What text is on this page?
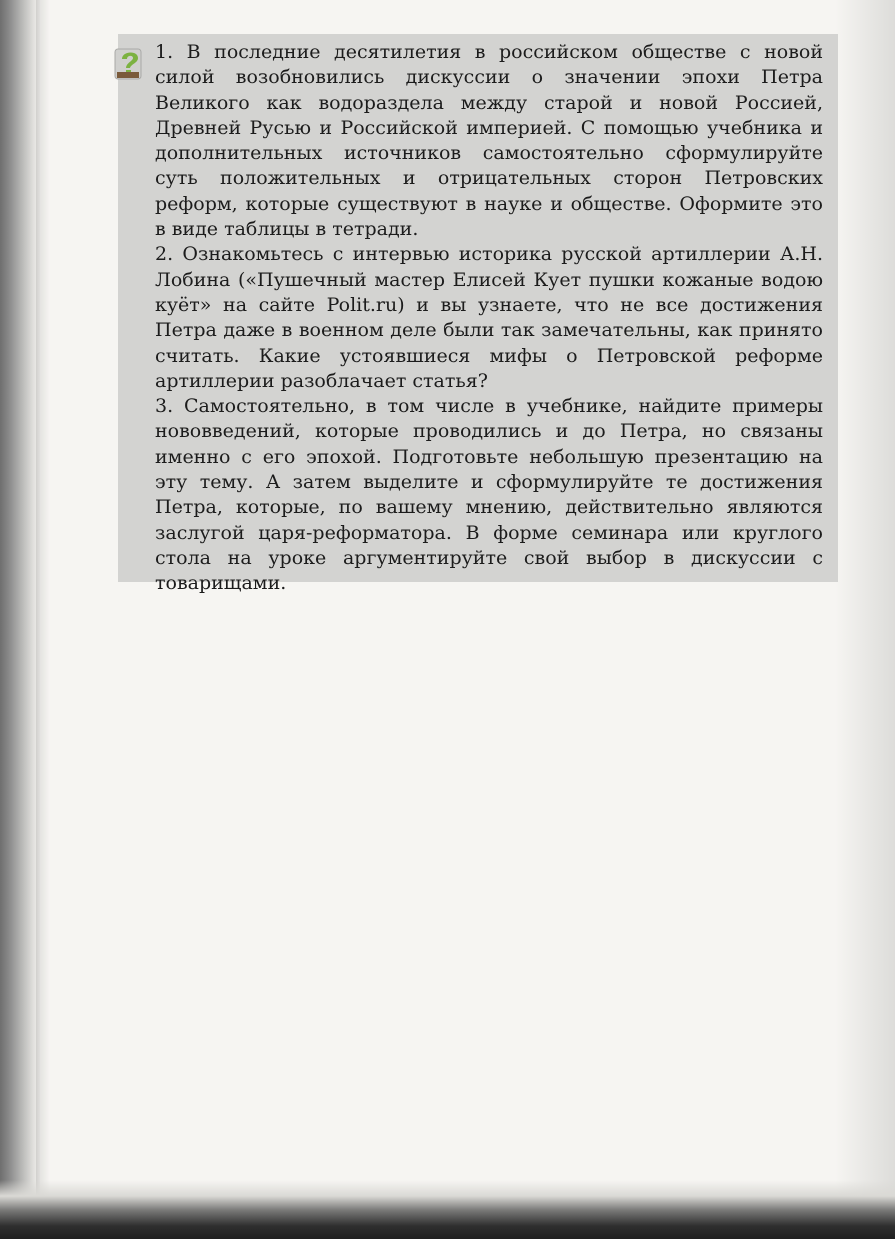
1. В последние десятилетия в российском обществе с новой силой возобновились дискуссии о значении эпохи Петра Великого как водораздела между старой и новой Россией, Древней Русью и Российской империей. С помощью учебника и дополнительных источников самостоятельно сформулируйте суть положительных и отрицательных сторон Петровских реформ, которые существуют в науке и обществе. Оформите это в виде таблицы в тетради.

2. Ознакомьтесь с интервью историка русской артиллерии А.Н. Лобина («Пушечный мастер Елисей Кует пушки кожаные водою куёт» на сайте Polit.ru) и вы узнаете, что не все достижения Петра даже в военном деле были так замечательны, как принято считать. Какие устоявшиеся мифы о Петровской реформе артиллерии разоблачает статья?

3. Самостоятельно, в том числе в учебнике, найдите примеры нововведений, которые проводились и до Петра, но связаны именно с его эпохой. Подготовьте небольшую презентацию на эту тему. А затем выделите и сформулируйте те достижения Петра, которые, по вашему мнению, действительно являются заслугой царя-реформатора. В форме семинара или круглого стола на уроке аргументируйте свой выбор в дискуссии с товарищами.
